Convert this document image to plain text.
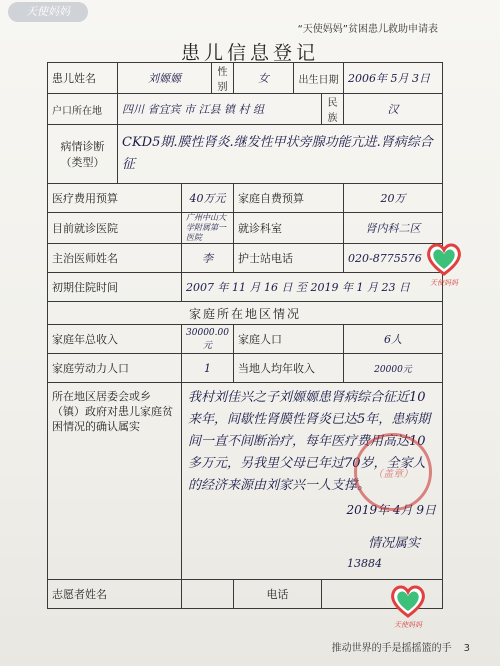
天使妈妈
“天使妈妈”贫困患儿救助申请表
患儿信息登记
患儿姓名	刘嫄嫄		性 别	女	出生日期		2006年 5月 3日
户口所在地	四川 省宜宾 市 江县 镇 村 组					民族	汉

病情诊断
（类型）	CKD5期.膜性肾炎.继发性甲状旁腺功能亢进.肾病综合征						
医疗费用预算		40万元		家庭自费预算			20万
目前就诊医院		广州中山大学附属第一医院		就诊科室			肾内科二区
主治医师姓名		李		护士站电话			020-8775576
初期住院时间		2007 年 11 月 16 日 至 2019 年 1 月 23 日					
家庭所在地区情况							
家庭年总收入		30000.00元		家庭人口			6人
家庭劳动力人口		1		当地人均年收入			20000元
所在地区居委会或乡（镇）政府对患儿家庭贫困情况的确认属实		我村刘佳兴之子刘嫄嫄患肾病综合征近10来年，间歇性肾膜性肾炎已达5年，患病期间一直不间断治疗，每年医疗费用高达10多万元，另我里父母已年过70岁，全家人的经济来源由刘家兴一人支撑。
2019年 4月 9日
（盖章）
情况属实
13884					

志愿者姓名				电话			
天使妈妈
天使妈妈
推动世界的手是摇摇篮的手 3
